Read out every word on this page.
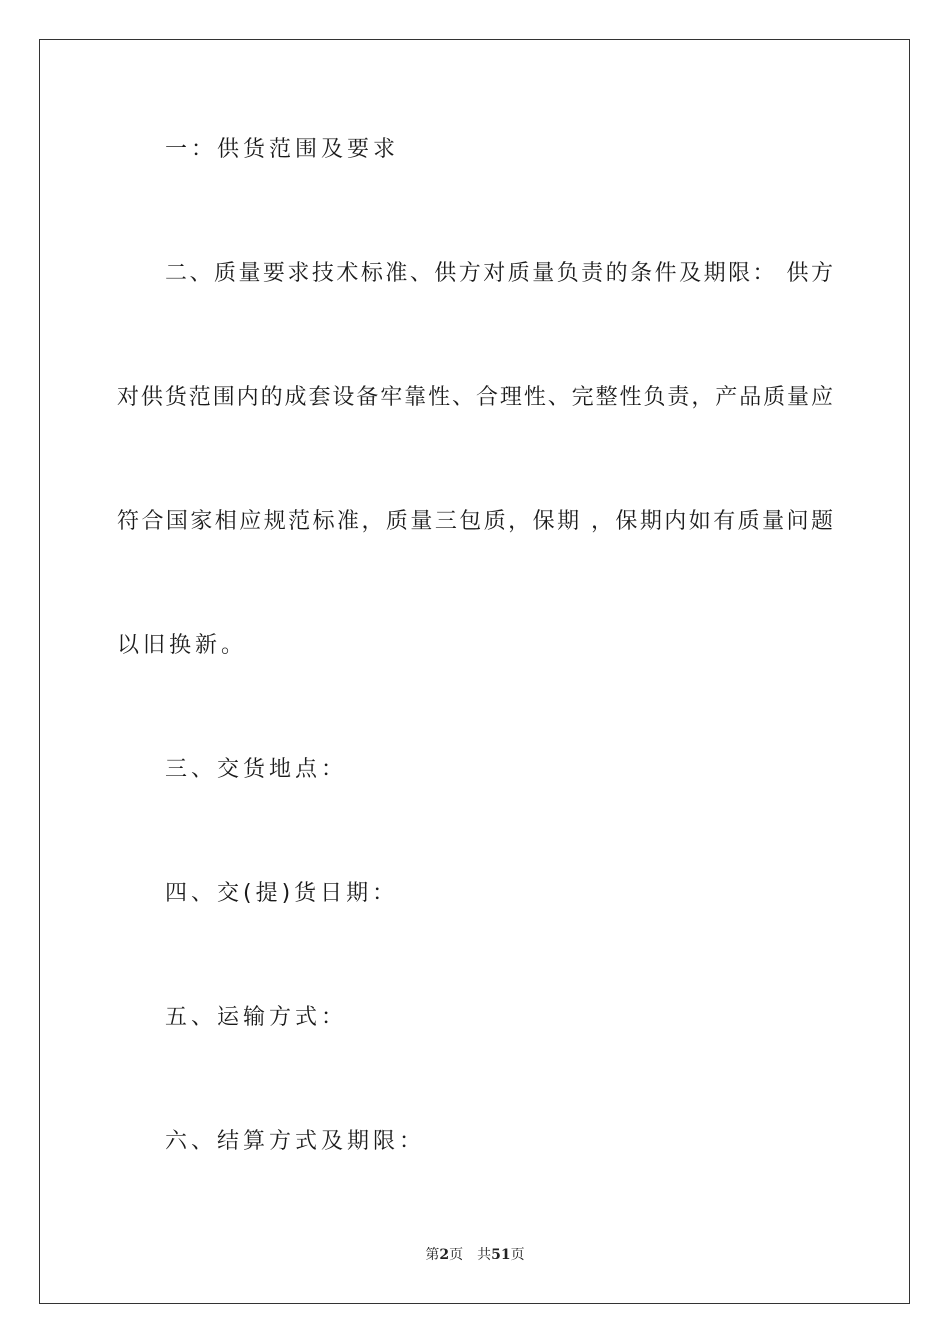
一：供货范围及要求

二、质量要求技术标准、供方对质量负责的条件及期限： 供方

对供货范围内的成套设备牢靠性、合理性、完整性负责，产品质量应

符合国家相应规范标准，质量三包质，保期 ，保期内如有质量问题

以旧换新。

三、交货地点：

四、交(提)货日期：

五、运输方式：

六、结算方式及期限：

第2页 共51页
